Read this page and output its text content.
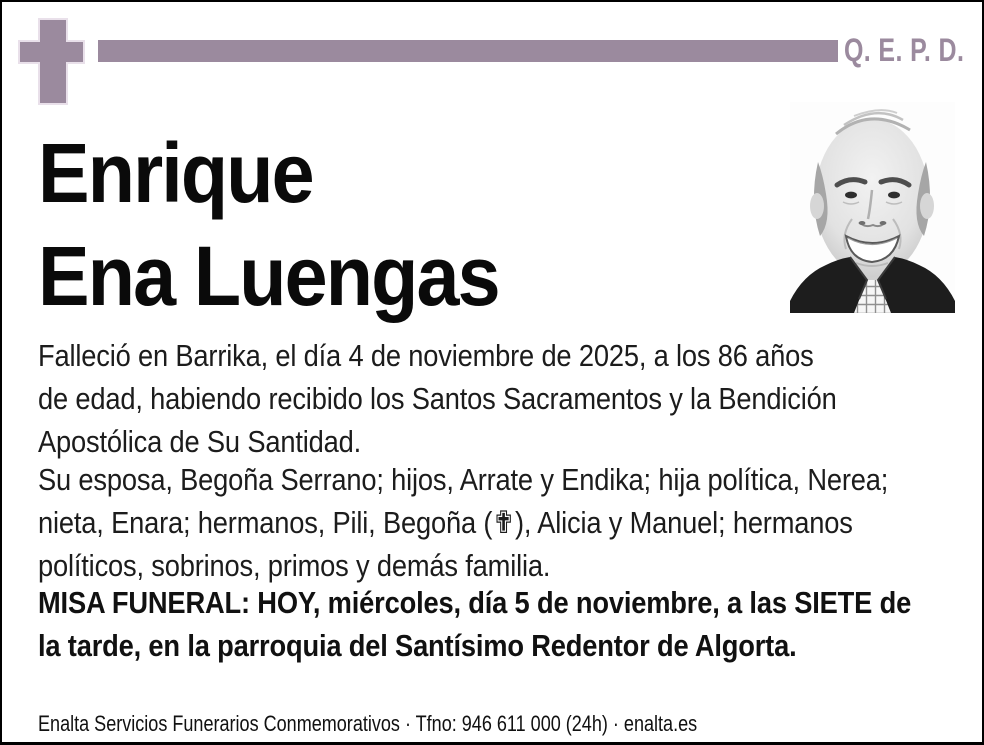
Q. E. P. D.
Enrique
Ena Luengas
Falleció en Barrika, el día 4 de noviembre de 2025, a los 86 años
de edad, habiendo recibido los Santos Sacramentos y la Bendición
Apostólica de Su Santidad.
Su esposa, Begoña Serrano; hijos, Arrate y Endika; hija política, Nerea;
nieta, Enara; hermanos, Pili, Begoña (✟), Alicia y Manuel; hermanos
políticos, sobrinos, primos y demás familia.
MISA FUNERAL: HOY, miércoles, día 5 de noviembre, a las SIETE de
la tarde, en la parroquia del Santísimo Redentor de Algorta.
Enalta Servicios Funerarios Conmemorativos · Tfno: 946 611 000 (24h) · enalta.es
